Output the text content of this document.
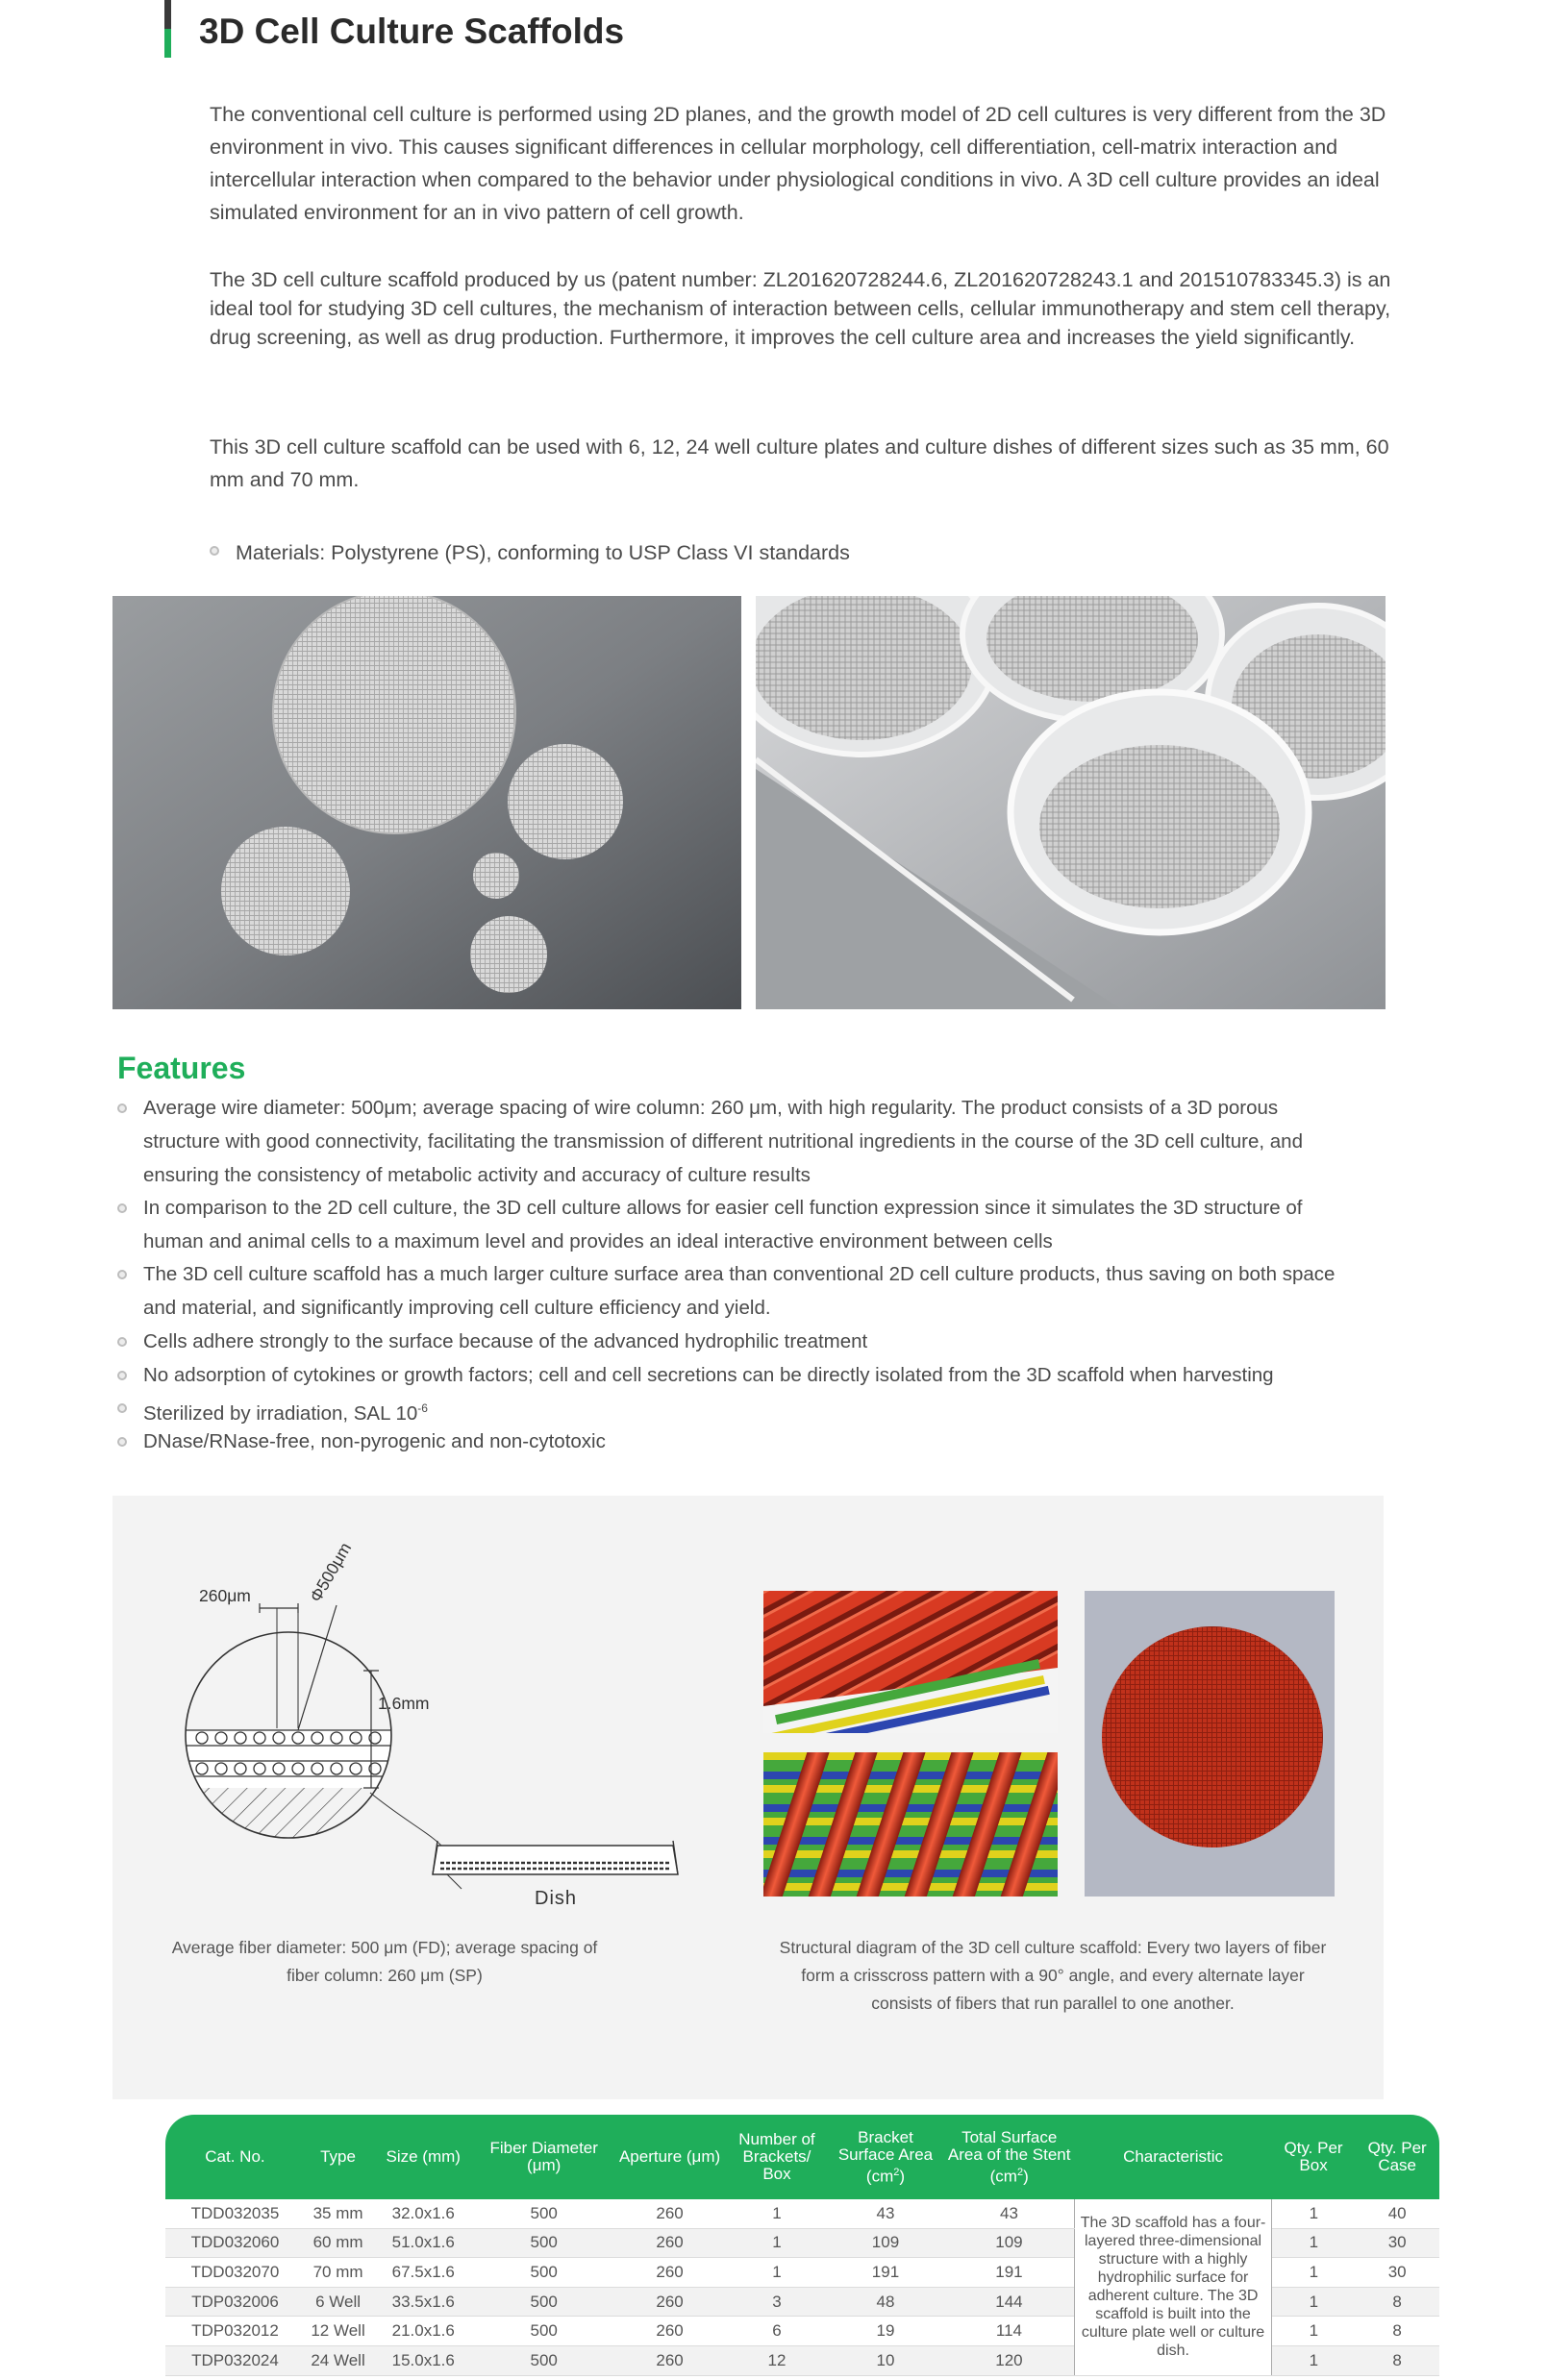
3D Cell Culture Scaffolds

The conventional cell culture is performed using 2D planes, and the growth model of 2D cell cultures is very different from the 3D environment in vivo. This causes significant differences in cellular morphology, cell differentiation, cell-matrix interaction and intercellular interaction when compared to the behavior under physiological conditions in vivo. A 3D cell culture provides an ideal simulated environment for an in vivo pattern of cell growth.

The 3D cell culture scaffold produced by us (patent number: ZL201620728244.6, ZL201620728243.1 and 201510783345.3) is an ideal tool for studying 3D cell cultures, the mechanism of interaction between cells, cellular immunotherapy and stem cell therapy, drug screening, as well as drug production. Furthermore, it improves the cell culture area and increases the yield significantly.

This 3D cell culture scaffold can be used with 6, 12, 24 well culture plates and culture dishes of different sizes such as 35 mm, 60 mm and 70 mm.

Materials: Polystyrene (PS), conforming to USP Class VI standards
Features

Average wire diameter: 500μm; average spacing of wire column: 260 μm, with high regularity. The product consists of a 3D porous structure with good connectivity, facilitating the transmission of different nutritional ingredients in the course of the 3D cell culture, and ensuring the consistency of metabolic activity and accuracy of culture results

In comparison to the 2D cell culture, the 3D cell culture allows for easier cell function expression since it simulates the 3D structure of human and animal cells to a maximum level and provides an ideal interactive environment between cells

The 3D cell culture scaffold has a much larger culture surface area than conventional 2D cell culture products, thus saving on both space and material, and significantly improving cell culture efficiency and yield.

Cells adhere strongly to the surface because of the advanced hydrophilic treatment

No adsorption of cytokines or growth factors; cell and cell secretions can be directly isolated from the 3D scaffold when harvesting

Sterilized by irradiation, SAL $10^{-6}$

DNase/RNase-free, non-pyrogenic and non-cytotoxic

260μm	Φ500μm
1.6mm
Dish
Average fiber diameter: 500 μm (FD); average spacing of fiber column: 260 μm (SP)
Structural diagram of the 3D cell culture scaffold: Every two layers of fiber form a crisscross pattern with a 90° angle, and every alternate layer consists of fibers that run parallel to one another.
Cat. No.	Type	Size (mm)	Fiber Diameter (μm)	Aperture (μm)	Number of Brackets/ Box	Bracket Surface Area $(cm^2)$	Total Surface Area of the Stent $(cm^2)$	Characteristic	Qty. Per Box	Qty. Per Case
TDD032035	35 mm	32.0x1.6	500	260	1	43	43	The 3D scaffold has a four-layered three-dimensional structure with a highly hydrophilic surface for adherent culture. The 3D scaffold is built into the culture plate well or culture dish.	1	40
TDD032060	60 mm	51.0x1.6	500	260	1	109	109		1	30
TDD032070	70 mm	67.5x1.6	500	260	1	191	191		1	30
TDP032006	6 Well	33.5x1.6	500	260	3	48	144		1	8
TDP032012	12 Well	21.0x1.6	500	260	6	19	114		1	8
TDP032024	24 Well	15.0x1.6	500	260	12	10	120		1	8
